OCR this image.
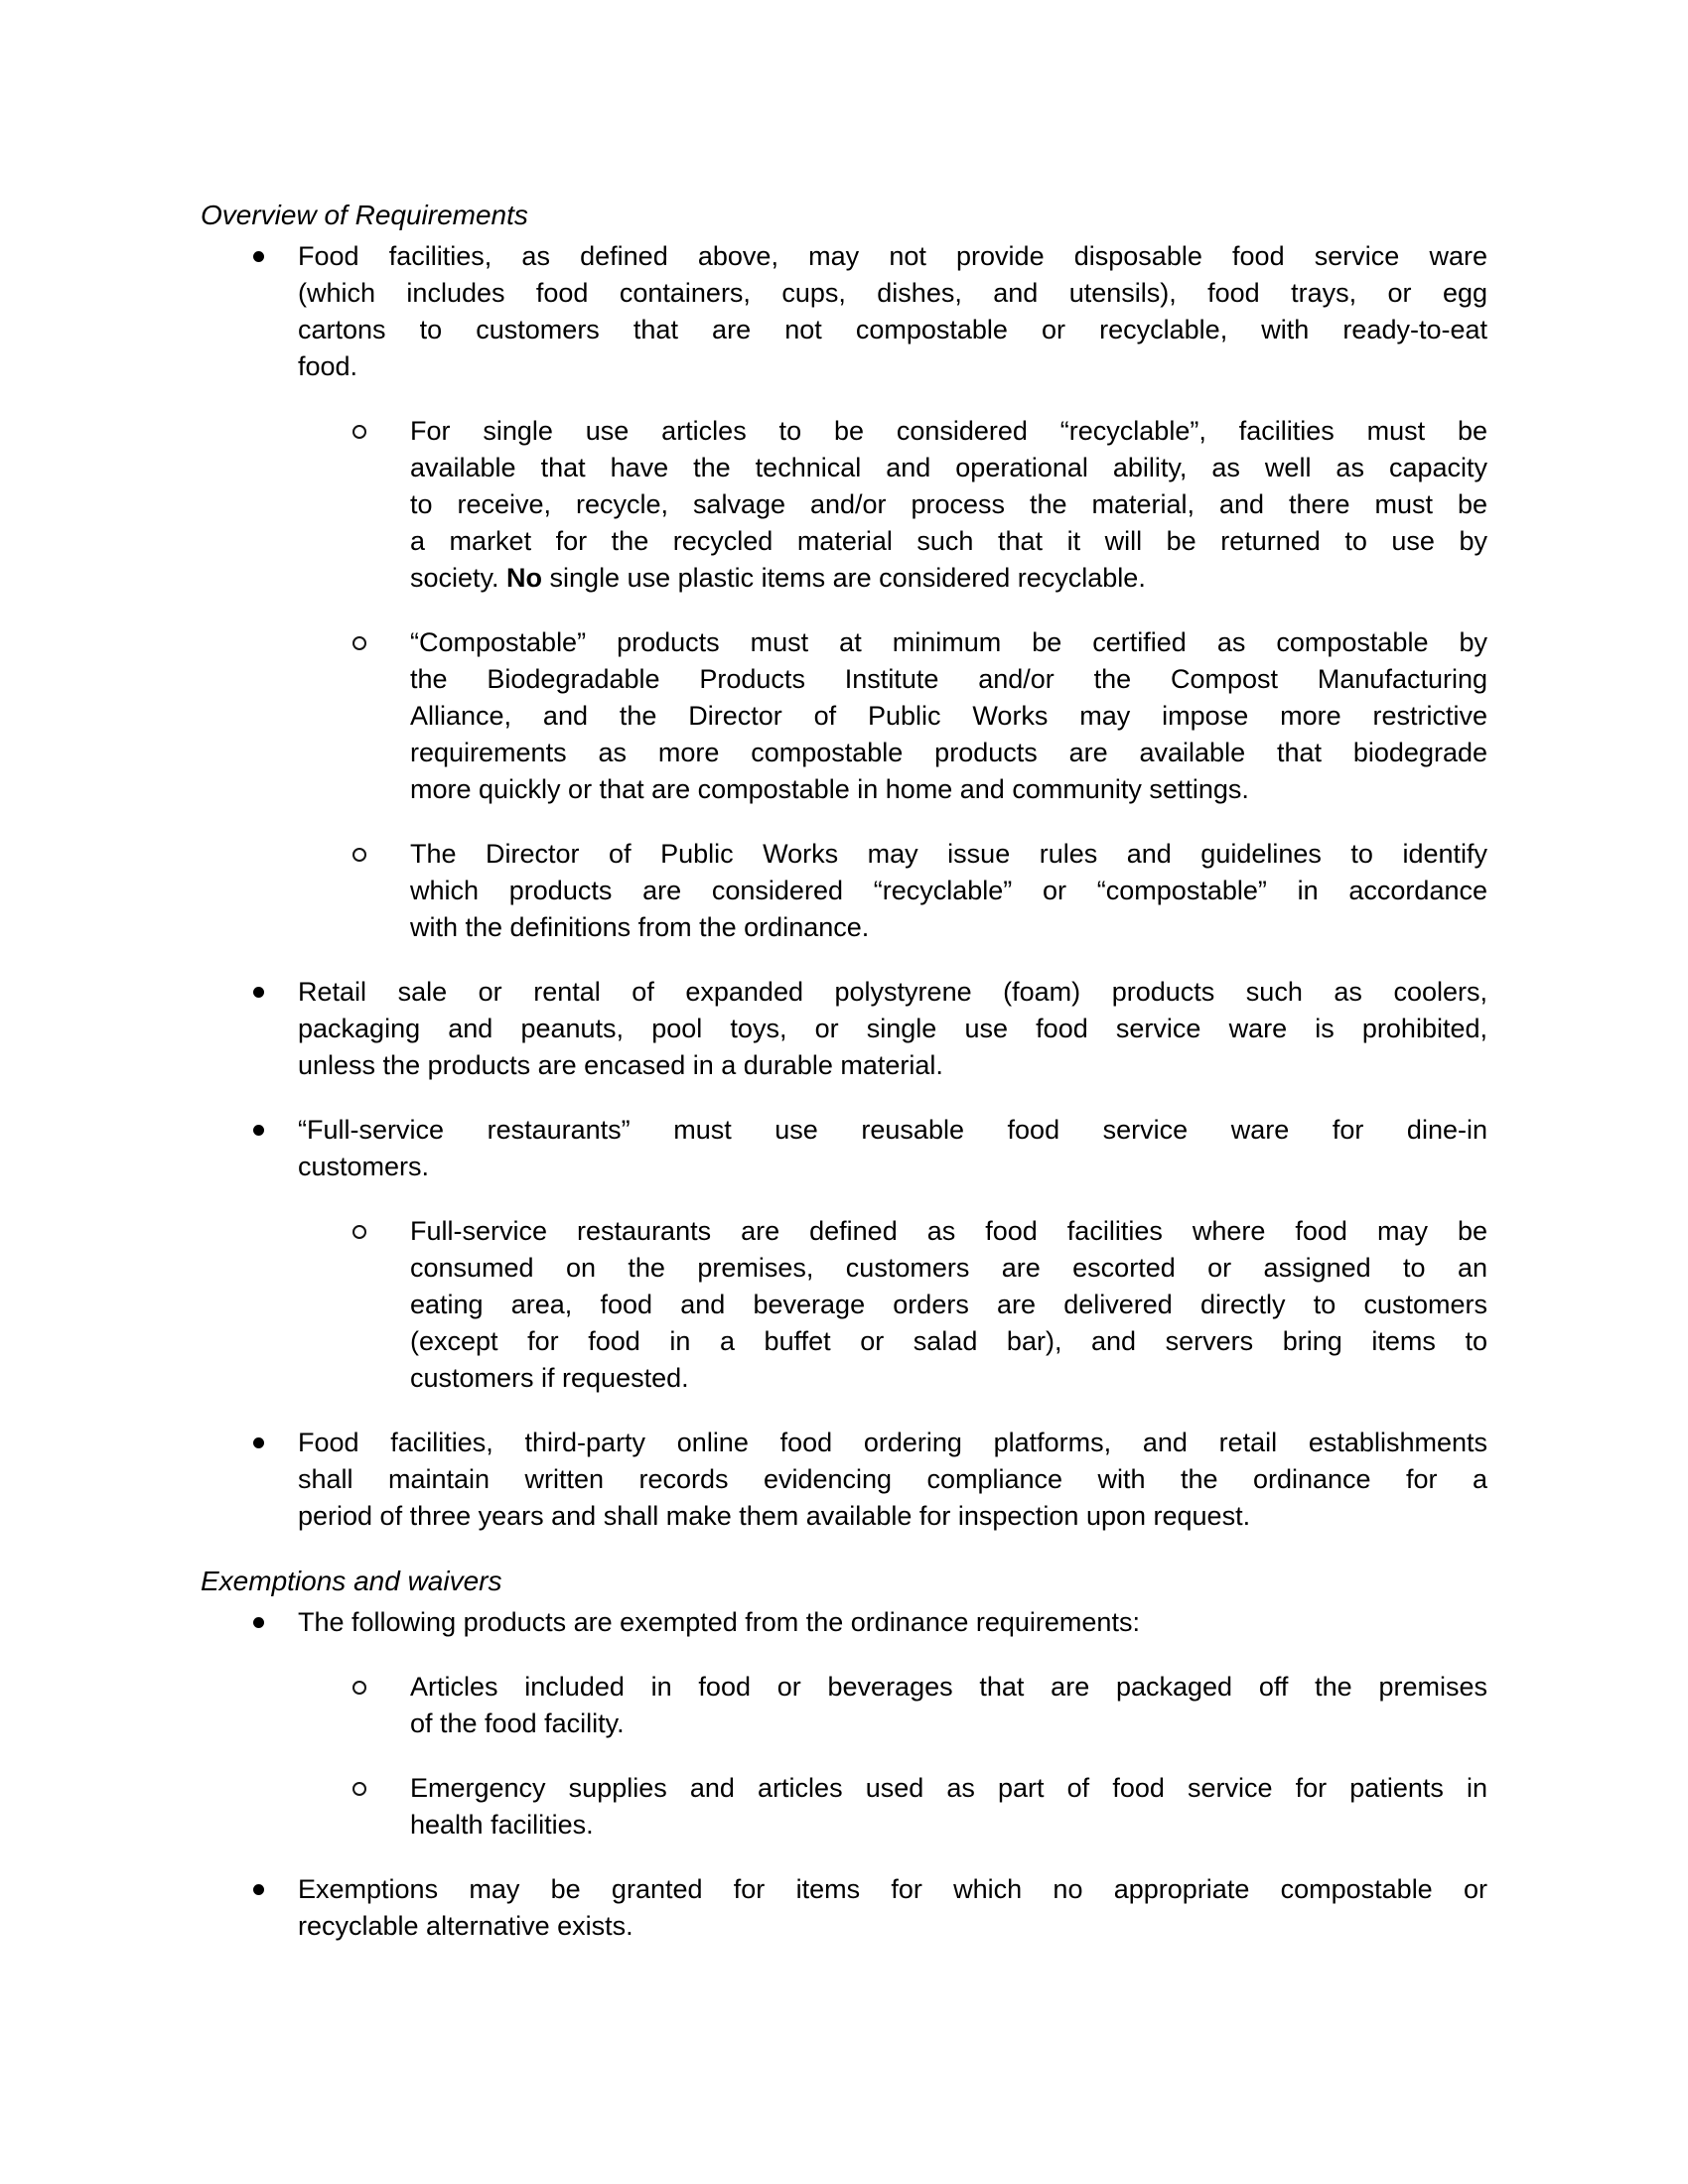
Overview of Requirements
Food facilities, as defined above, may not provide disposable food service ware
(which includes food containers, cups, dishes, and utensils), food trays, or egg
cartons to customers that are not compostable or recyclable, with ready-to-eat
food.
For single use articles to be considered “recyclable”, facilities must be
available that have the technical and operational ability, as well as capacity
to receive, recycle, salvage and/or process the material, and there must be
a market for the recycled material such that it will be returned to use by
society. No single use plastic items are considered recyclable.
“Compostable” products must at minimum be certified as compostable by
the Biodegradable Products Institute and/or the Compost Manufacturing
Alliance, and the Director of Public Works may impose more restrictive
requirements as more compostable products are available that biodegrade
more quickly or that are compostable in home and community settings.
The Director of Public Works may issue rules and guidelines to identify
which products are considered “recyclable” or “compostable” in accordance
with the definitions from the ordinance.
Retail sale or rental of expanded polystyrene (foam) products such as coolers,
packaging and peanuts, pool toys, or single use food service ware is prohibited,
unless the products are encased in a durable material.
“Full-service restaurants” must use reusable food service ware for dine-in
customers.
Full-service restaurants are defined as food facilities where food may be
consumed on the premises, customers are escorted or assigned to an
eating area, food and beverage orders are delivered directly to customers
(except for food in a buffet or salad bar), and servers bring items to
customers if requested.
Food facilities, third-party online food ordering platforms, and retail establishments
shall maintain written records evidencing compliance with the ordinance for a
period of three years and shall make them available for inspection upon request.
Exemptions and waivers
The following products are exempted from the ordinance requirements:
Articles included in food or beverages that are packaged off the premises
of the food facility.
Emergency supplies and articles used as part of food service for patients in
health facilities.
Exemptions may be granted for items for which no appropriate compostable or
recyclable alternative exists.
